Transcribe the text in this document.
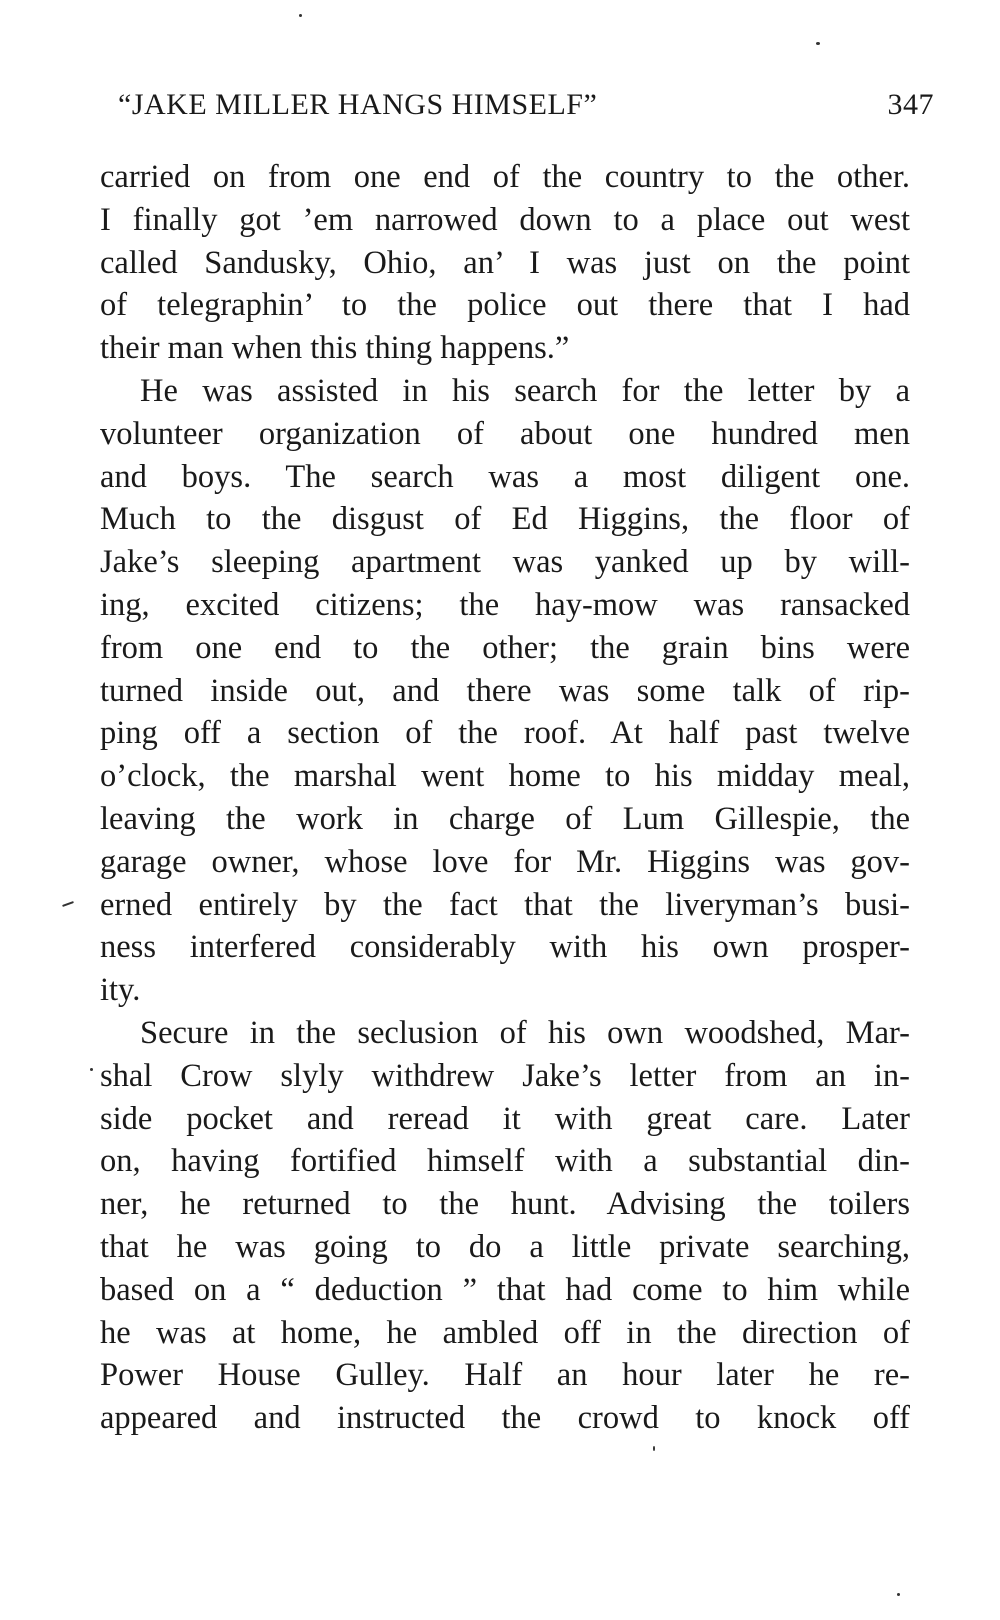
“JAKE MILLER HANGS HIMSELF”	347
carried on from one end of the country to the other.
I finally got ’em narrowed down to a place out west
called Sandusky, Ohio, an’ I was just on the point
of telegraphin’ to the police out there that I had
their man when this thing happens.”
He was assisted in his search for the letter by a
volunteer organization of about one hundred men
and boys. The search was a most diligent one.
Much to the disgust of Ed Higgins, the floor of
Jake’s sleeping apartment was yanked up by will-
ing, excited citizens; the hay-mow was ransacked
from one end to the other; the grain bins were
turned inside out, and there was some talk of rip-
ping off a section of the roof. At half past twelve
o’clock, the marshal went home to his midday meal,
leaving the work in charge of Lum Gillespie, the
garage owner, whose love for Mr. Higgins was gov-
erned entirely by the fact that the liveryman’s busi-
ness interfered considerably with his own prosper-
ity.
Secure in the seclusion of his own woodshed, Mar-
shal Crow slyly withdrew Jake’s letter from an in-
side pocket and reread it with great care. Later
on, having fortified himself with a substantial din-
ner, he returned to the hunt. Advising the toilers
that he was going to do a little private searching,
based on a “ deduction ” that had come to him while
he was at home, he ambled off in the direction of
Power House Gulley. Half an hour later he re-
appeared and instructed the crowd to knock off
